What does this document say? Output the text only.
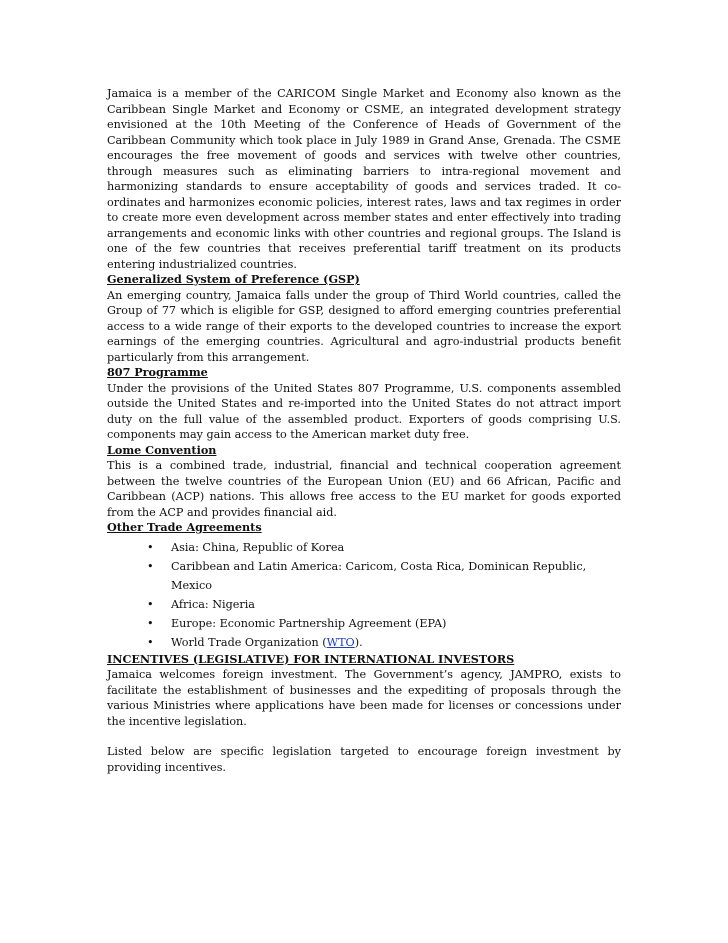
Jamaica is a member of the CARICOM Single Market and Economy also known as the Caribbean Single Market and Economy or CSME, an integrated development strategy envisioned at the 10th Meeting of the Conference of Heads of Government of the Caribbean Community which took place in July 1989 in Grand Anse, Grenada. The CSME encourages the free movement of goods and services with twelve other countries, through measures such as eliminating barriers to intra-regional movement and harmonizing standards to ensure acceptability of goods and services traded. It co-ordinates and harmonizes economic policies, interest rates, laws and tax regimes in order to create more even development across member states and enter effectively into trading arrangements and economic links with other countries and regional groups. The Island is one of the few countries that receives preferential tariff treatment on its products entering industrialized countries.

Generalized System of Preference (GSP)

An emerging country, Jamaica falls under the group of Third World countries, called the Group of 77 which is eligible for GSP, designed to afford emerging countries preferential access to a wide range of their exports to the developed countries to increase the export earnings of the emerging countries. Agricultural and agro-industrial products benefit particularly from this arrangement.

807 Programme

Under the provisions of the United States 807 Programme, U.S. components assembled outside the United States and re-imported into the United States do not attract import duty on the full value of the assembled product. Exporters of goods comprising U.S. components may gain access to the American market duty free.

Lome Convention

This is a combined trade, industrial, financial and technical cooperation agreement between the twelve countries of the European Union (EU) and 66 African, Pacific and Caribbean (ACP) nations. This allows free access to the EU market for goods exported from the ACP and provides financial aid.

Other Trade Agreements

• Asia: China, Republic of Korea
• Caribbean and Latin America: Caricom, Costa Rica, Dominican Republic, Mexico
• Africa: Nigeria
• Europe: Economic Partnership Agreement (EPA)
• World Trade Organization (WTO).

INCENTIVES (LEGISLATIVE) FOR INTERNATIONAL INVESTORS

Jamaica welcomes foreign investment. The Government’s agency, JAMPRO, exists to facilitate the establishment of businesses and the expediting of proposals through the various Ministries where applications have been made for licenses or concessions under the incentive legislation.

Listed below are specific legislation targeted to encourage foreign investment by providing incentives.
